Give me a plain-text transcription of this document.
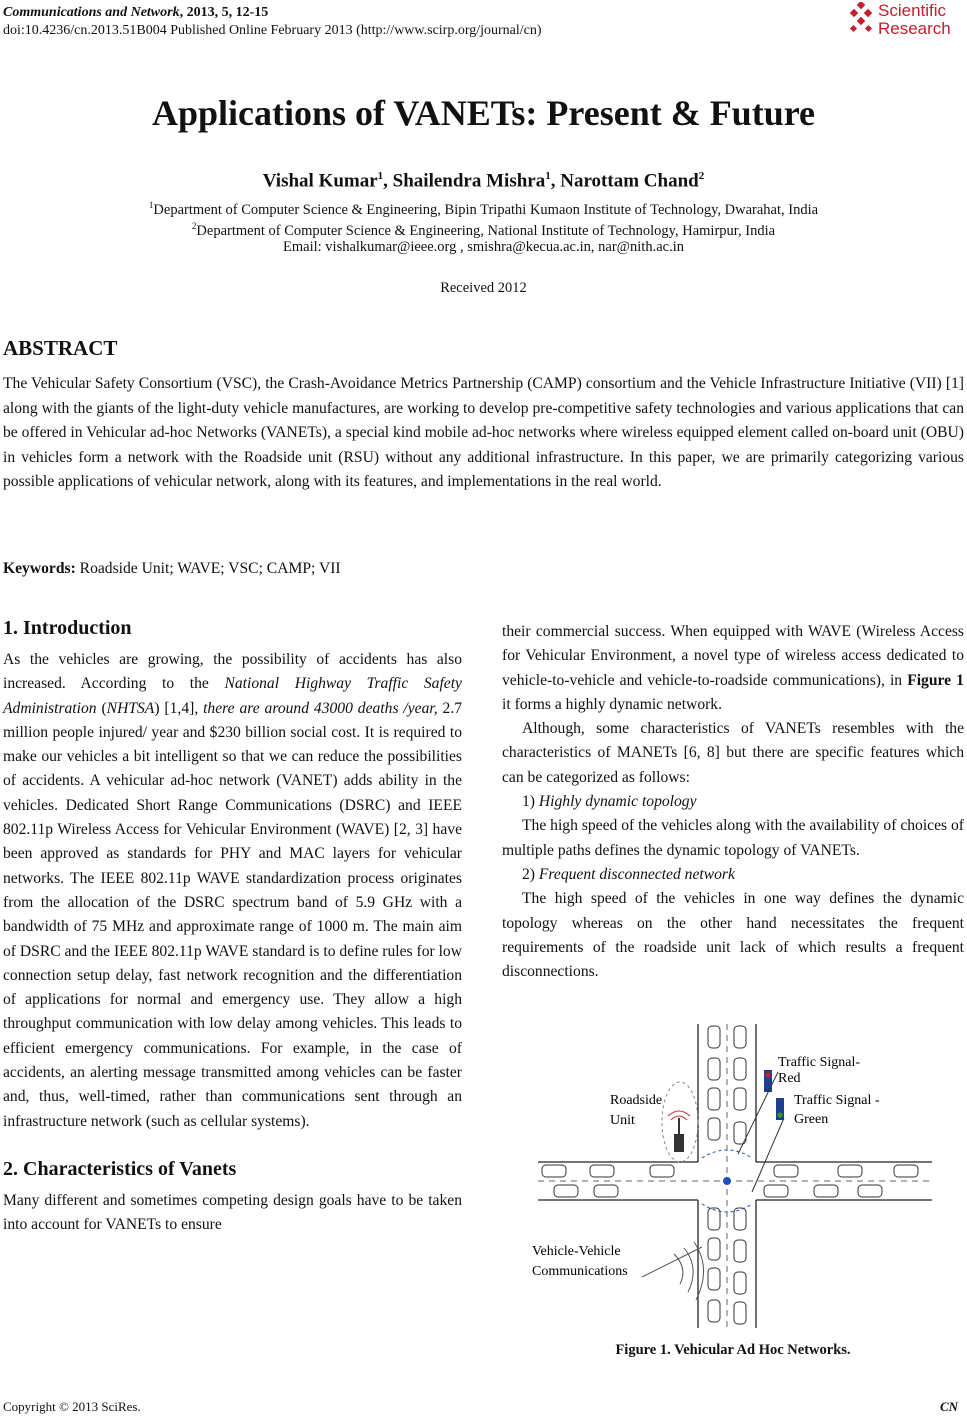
Communications and Network, 2013, 5, 12-15
doi:10.4236/cn.2013.51B004 Published Online February 2013 (http://www.scirp.org/journal/cn)
Scientific
Research
Applications of VANETs: Present & Future
Vishal Kumar$^1$, Shailendra Mishra$^1$, Narottam Chand$^2$
$^1$Department of Computer Science & Engineering, Bipin Tripathi Kumaon Institute of Technology, Dwarahat, India
$^2$Department of Computer Science & Engineering, National Institute of Technology, Hamirpur, India
Email: vishalkumar@ieee.org , smishra@kecua.ac.in, nar@nith.ac.in
Received 2012
ABSTRACT
The Vehicular Safety Consortium (VSC), the Crash-Avoidance Metrics Partnership (CAMP) consortium and the Vehicle Infrastructure Initiative (VII) [1] along with the giants of the light-duty vehicle manufactures, are working to develop pre-competitive safety technologies and various applications that can be offered in Vehicular ad-hoc Networks (VANETs), a special kind mobile ad-hoc networks where wireless equipped element called on-board unit (OBU) in vehicles form a network with the Roadside unit (RSU) without any additional infrastructure. In this paper, we are primarily categorizing various possible applications of vehicular network, along with its features, and implementations in the real world.
Keywords: Roadside Unit; WAVE; VSC; CAMP; VII
1. Introduction

As the vehicles are growing, the possibility of accidents has also increased. According to the National Highway Traffic Safety Administration (NHTSA) [1,4], there are around 43000 deaths /year, 2.7 million people injured/ year and $230 billion social cost. It is required to make our vehicles a bit intelligent so that we can reduce the possibilities of accidents. A vehicular ad-hoc network (VANET) adds ability in the vehicles. Dedicated Short Range Communications (DSRC) and IEEE 802.11p Wireless Access for Vehicular Environment (WAVE) [2, 3] have been approved as standards for PHY and MAC layers for vehicular networks. The IEEE 802.11p WAVE standardization process originates from the allocation of the DSRC spectrum band of 5.9 GHz with a bandwidth of 75 MHz and approximate range of 1000 m. The main aim of DSRC and the IEEE 802.11p WAVE standard is to define rules for low connection setup delay, fast network recognition and the differentiation of applications for normal and emergency use. They allow a high throughput communication with low delay among vehicles. This leads to efficient emergency communications. For example, in the case of accidents, an alerting message transmitted among vehicles can be faster and, thus, well-timed, rather than communications sent through an infrastructure network (such as cellular systems).

2. Characteristics of Vanets

Many different and sometimes competing design goals have to be taken into account for VANETs to ensure

their commercial success. When equipped with WAVE (Wireless Access for Vehicular Environment, a novel type of wireless access dedicated to vehicle-to-vehicle and vehicle-to-roadside communications), in Figure 1 it forms a highly dynamic network.

Although, some characteristics of VANETs resembles with the characteristics of MANETs [6, 8] but there are specific features which can be categorized as follows:

1) Highly dynamic topology

The high speed of the vehicles along with the availability of choices of multiple paths defines the dynamic topology of VANETs.

2) Frequent disconnected network

The high speed of the vehicles in one way defines the dynamic topology whereas on the other hand necessitates the frequent requirements of the roadside unit lack of which results a frequent disconnections.

Traffic Signal-
Red
Traffic Signal -
Green
Roadside
Unit
Vehicle-Vehicle
Communications
Figure 1. Vehicular Ad Hoc Networks.
Copyright © 2013 SciRes.	CN
